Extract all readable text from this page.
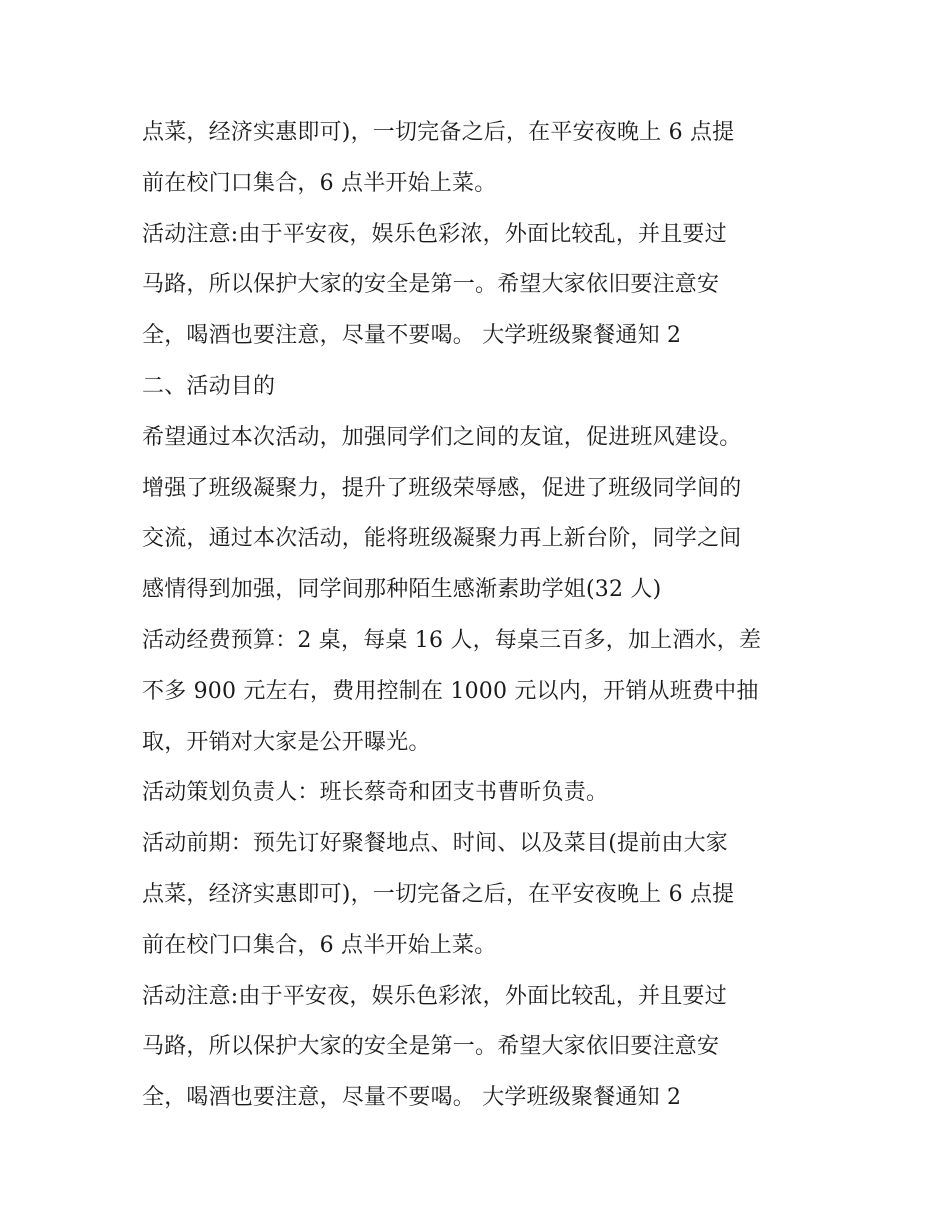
点菜，经济实惠即可)，一切完备之后，在平安夜晚上 6 点提
前在校门口集合，6 点半开始上菜。
活动注意:由于平安夜，娱乐色彩浓，外面比较乱，并且要过
马路，所以保护大家的安全是第一。希望大家依旧要注意安
全，喝酒也要注意，尽量不要喝。 大学班级聚餐通知 2
二、活动目的
希望通过本次活动，加强同学们之间的友谊，促进班风建设。
增强了班级凝聚力，提升了班级荣辱感，促进了班级同学间的
交流，通过本次活动，能将班级凝聚力再上新台阶，同学之间
感情得到加强，同学间那种陌生感渐素助学姐(32 人)
活动经费预算：2 桌，每桌 16 人，每桌三百多，加上酒水，差
不多 900 元左右，费用控制在 1000 元以内，开销从班费中抽
取，开销对大家是公开曝光。
活动策划负责人：班长蔡奇和团支书曹昕负责。
活动前期：预先订好聚餐地点、时间、以及菜目(提前由大家
点菜，经济实惠即可)，一切完备之后，在平安夜晚上 6 点提
前在校门口集合，6 点半开始上菜。
活动注意:由于平安夜，娱乐色彩浓，外面比较乱，并且要过
马路，所以保护大家的安全是第一。希望大家依旧要注意安
全，喝酒也要注意，尽量不要喝。 大学班级聚餐通知 2
